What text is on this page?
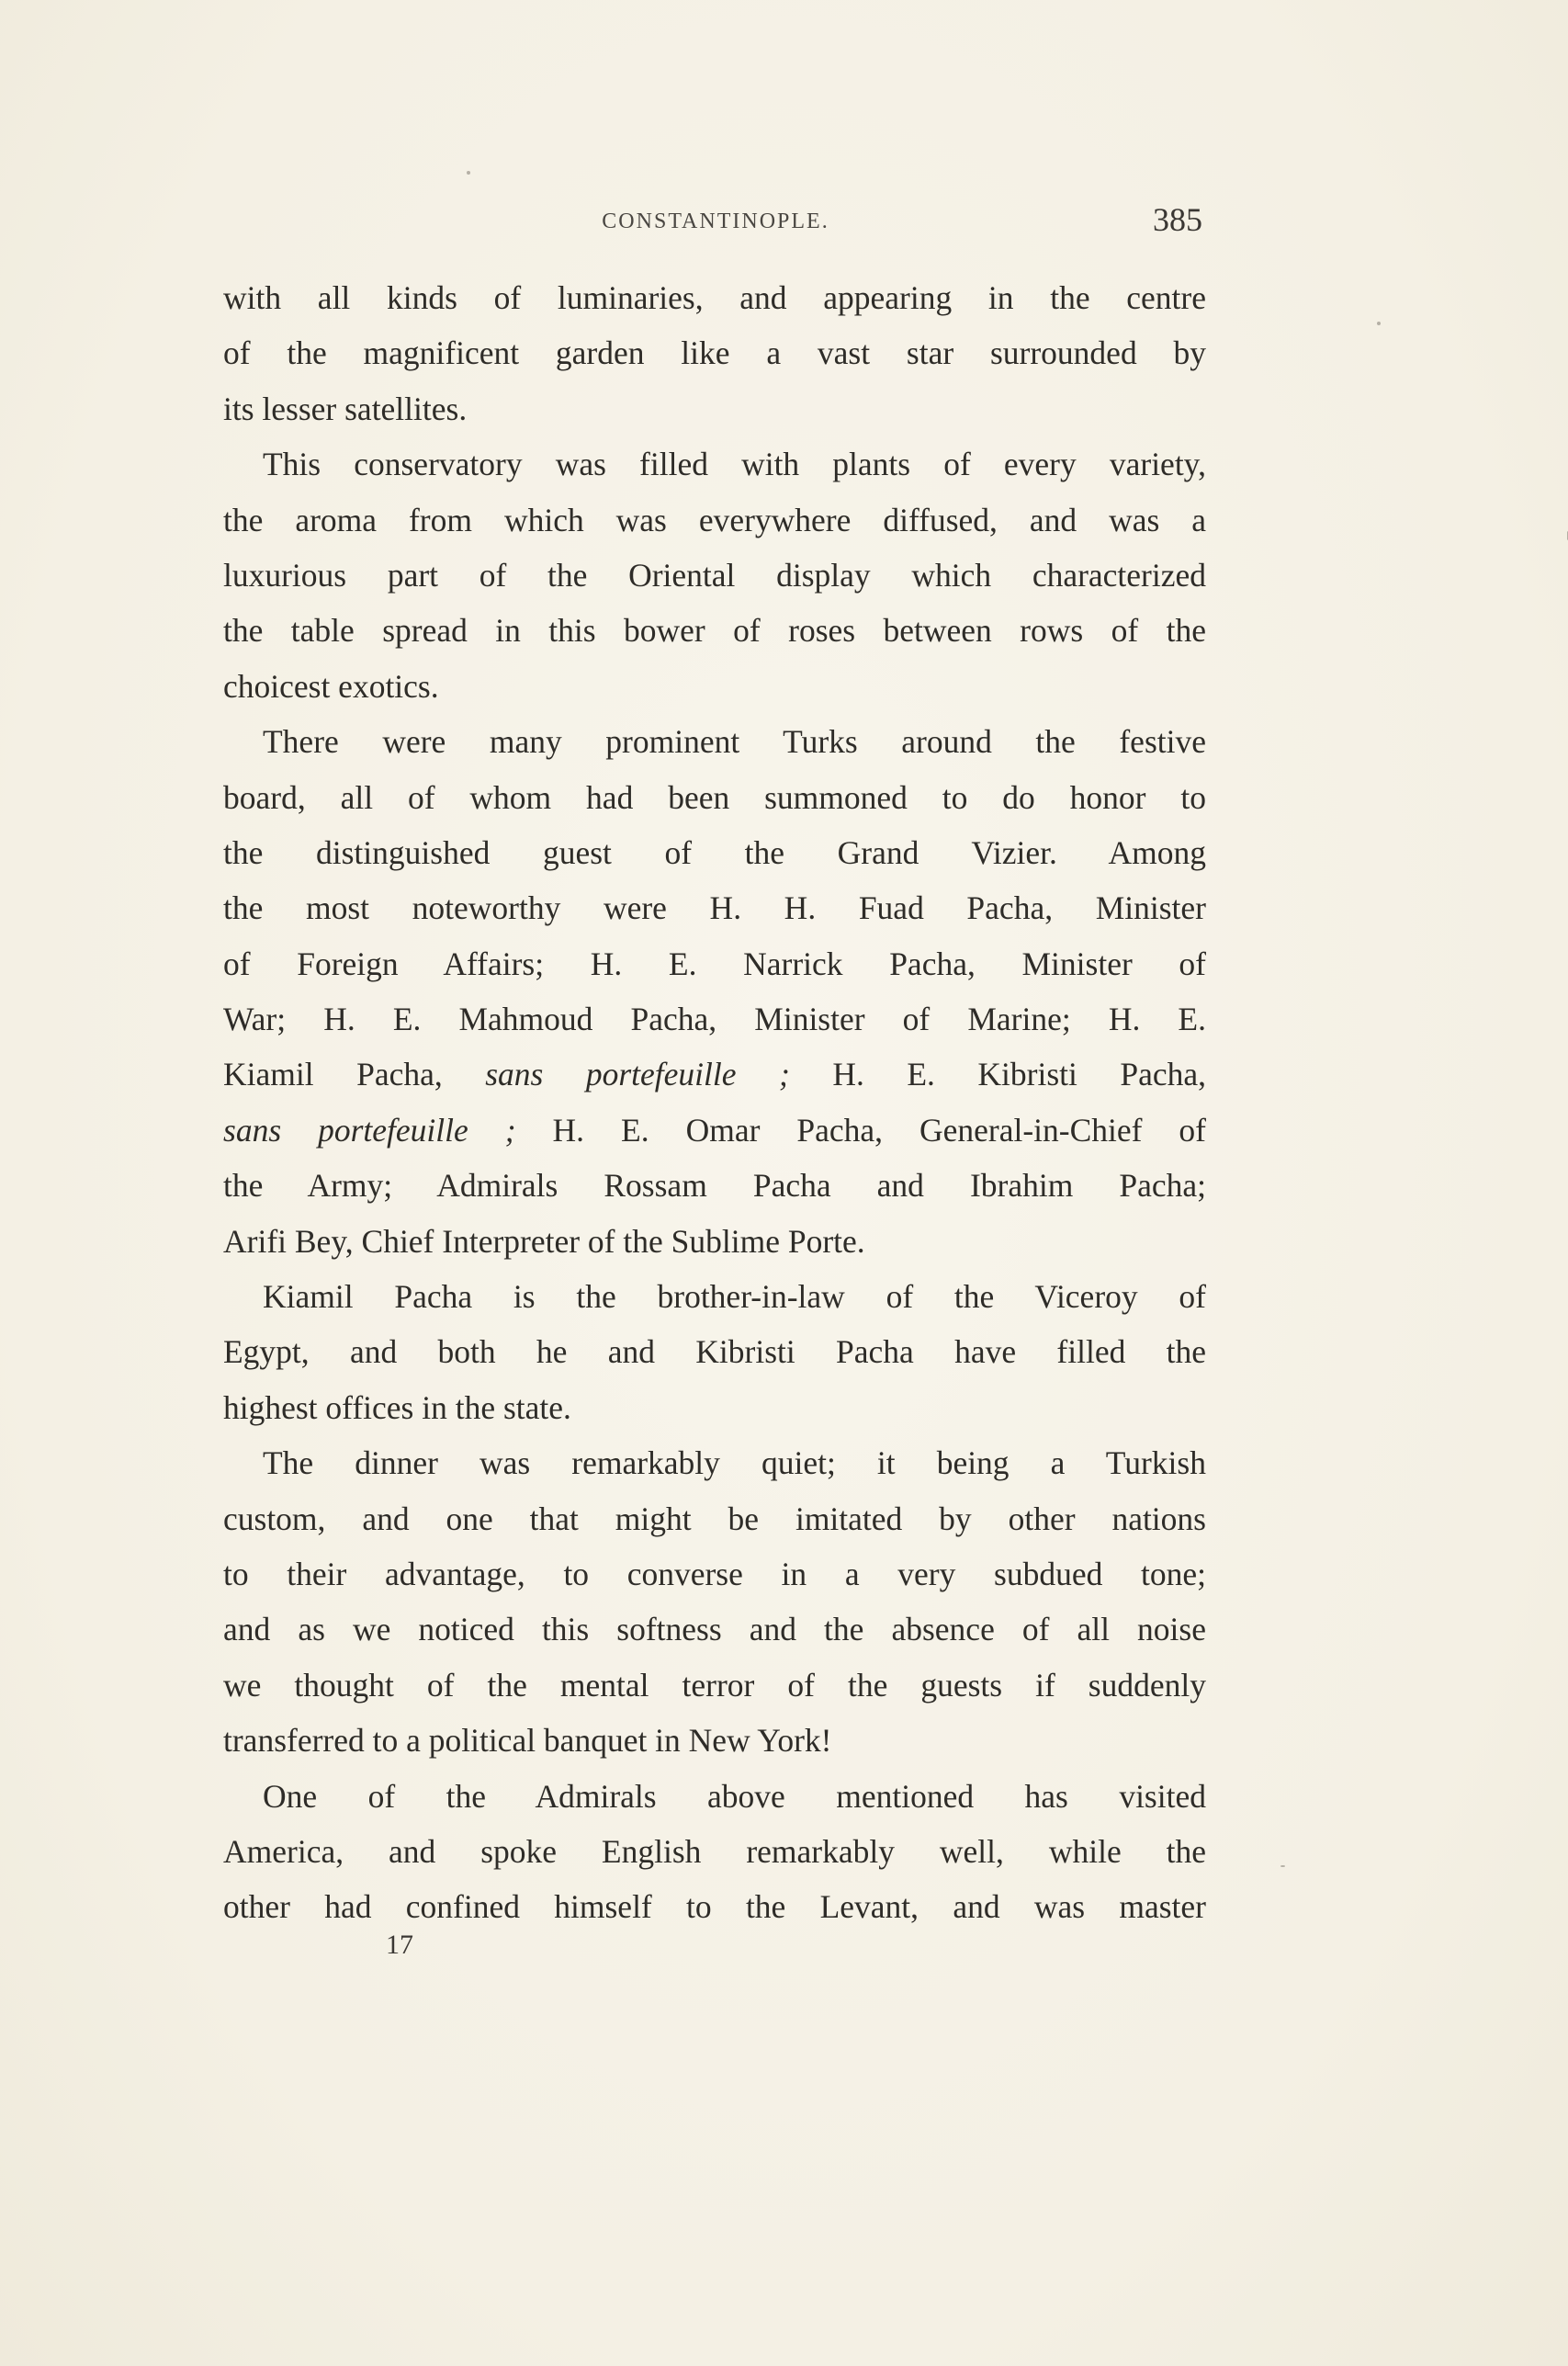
CONSTANTINOPLE.	385
with all kinds of luminaries, and appearing in the centre
of the magnificent garden like a vast star surrounded by
its lesser satellites.
This conservatory was filled with plants of every variety,
the aroma from which was everywhere diffused, and was a
luxurious part of the Oriental display which characterized
the table spread in this bower of roses between rows of the
choicest exotics.
There were many prominent Turks around the festive
board, all of whom had been summoned to do honor to
the distinguished guest of the Grand Vizier. Among
the most noteworthy were H. H. Fuad Pacha, Minister
of Foreign Affairs; H. E. Narrick Pacha, Minister of
War; H. E. Mahmoud Pacha, Minister of Marine; H. E.
Kiamil Pacha, sans portefeuille ; H. E. Kibristi Pacha,
sans portefeuille ; H. E. Omar Pacha, General-in-Chief of
the Army; Admirals Rossam Pacha and Ibrahim Pacha;
Arifi Bey, Chief Interpreter of the Sublime Porte.
Kiamil Pacha is the brother-in-law of the Viceroy of
Egypt, and both he and Kibristi Pacha have filled the
highest offices in the state.
The dinner was remarkably quiet; it being a Turkish
custom, and one that might be imitated by other nations
to their advantage, to converse in a very subdued tone;
and as we noticed this softness and the absence of all noise
we thought of the mental terror of the guests if suddenly
transferred to a political banquet in New York!
One of the Admirals above mentioned has visited
America, and spoke English remarkably well, while the
other had confined himself to the Levant, and was master
17
